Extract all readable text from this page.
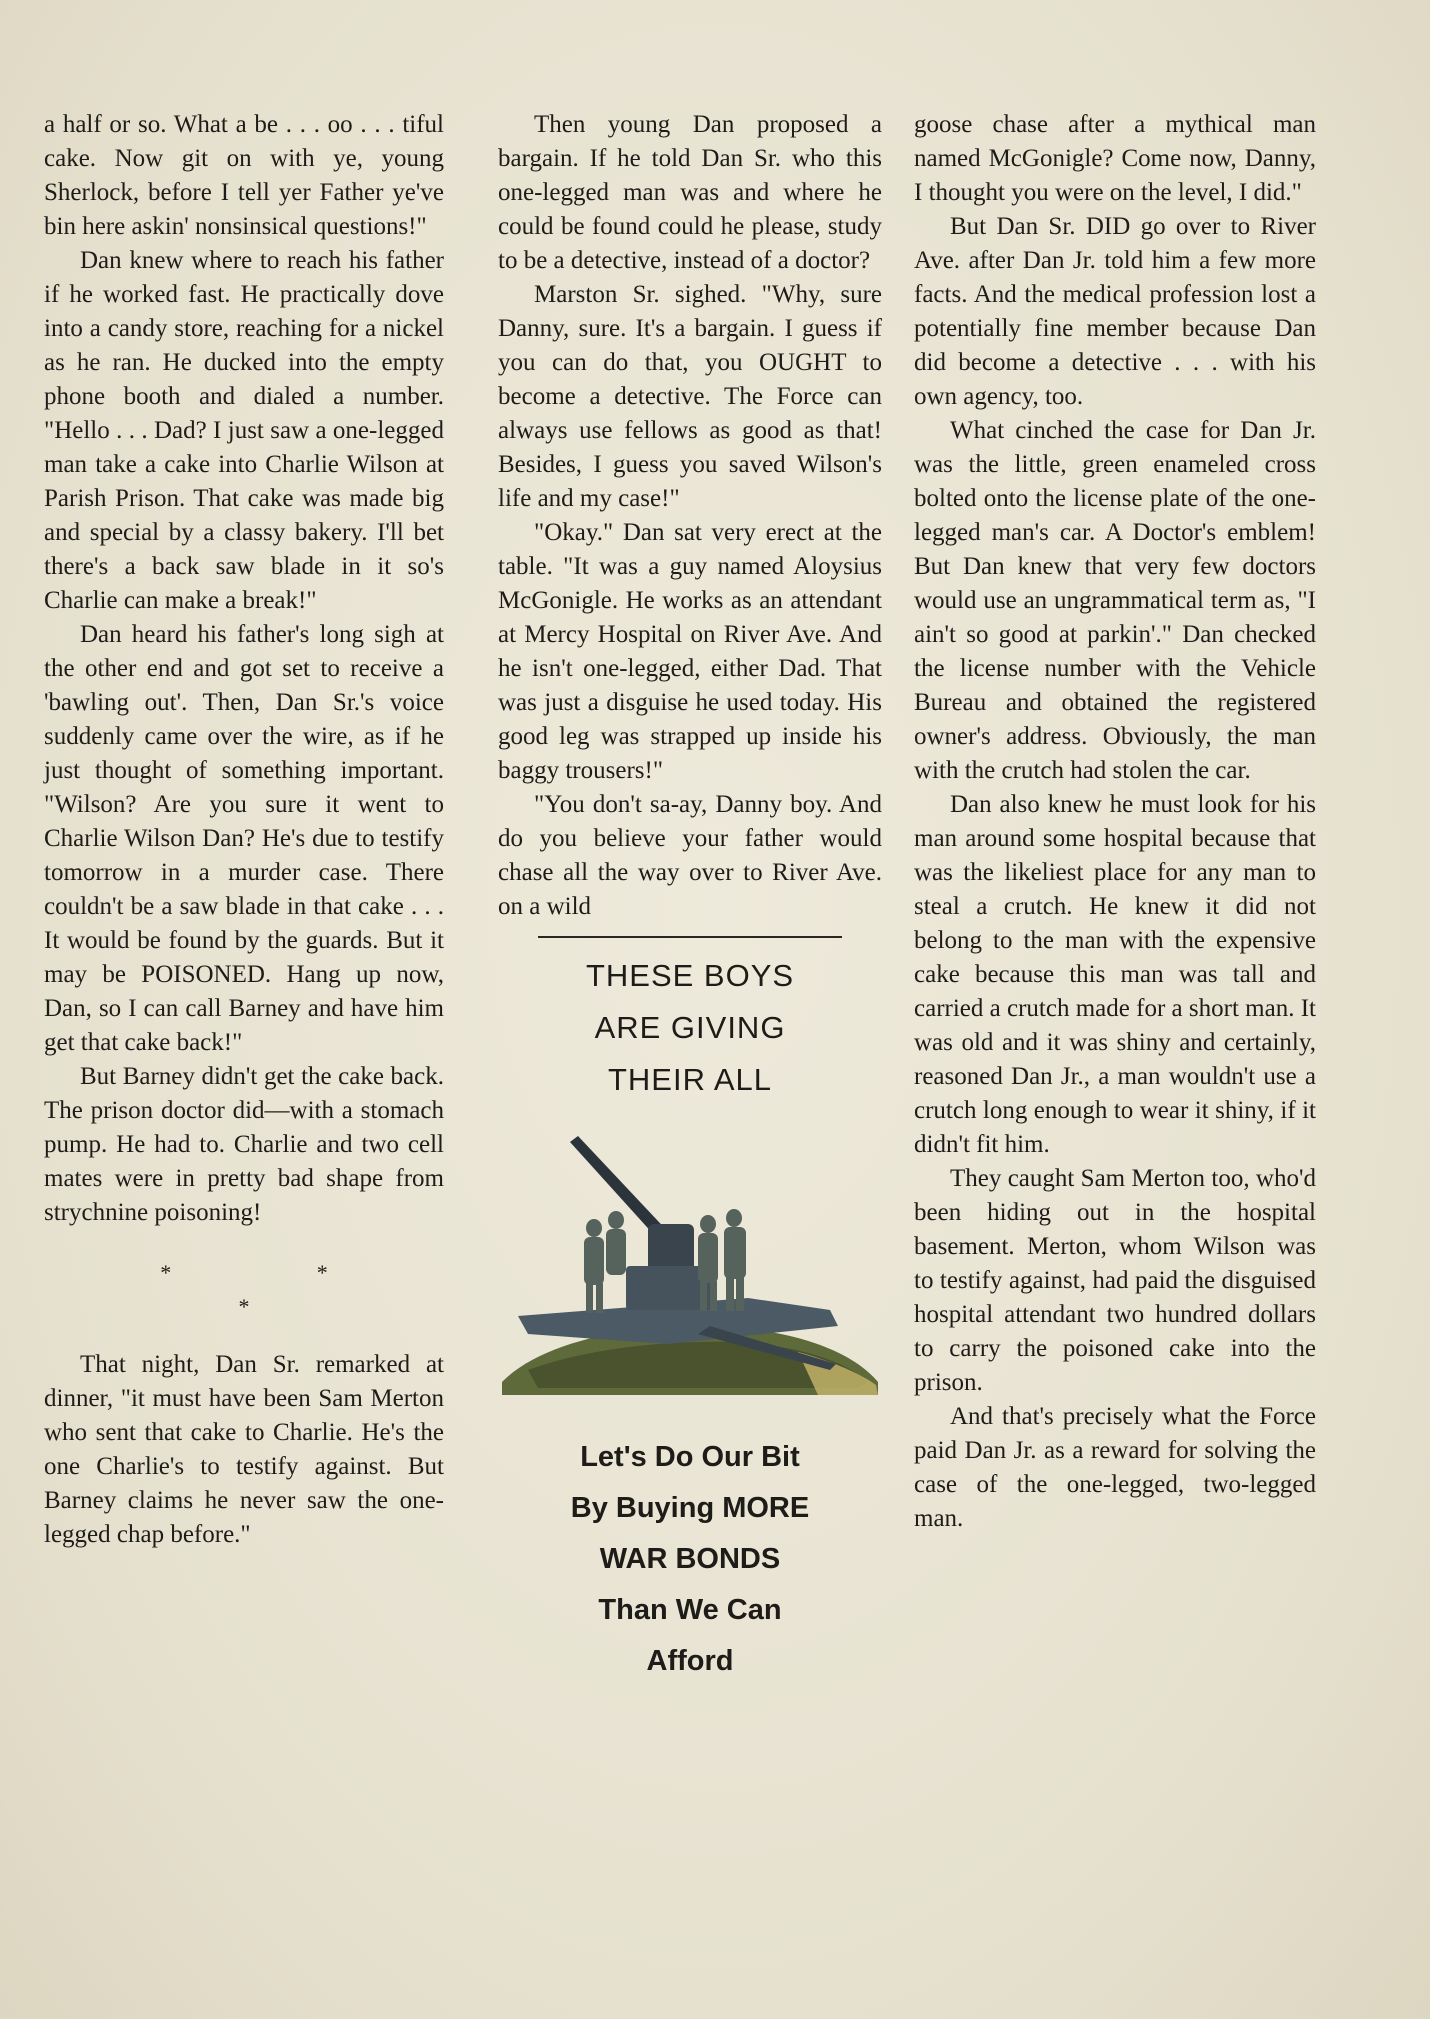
a half or so. What a be . . . oo . . . tiful cake. Now git on with ye, young Sherlock, before I tell yer Father ye've bin here askin' nonsinsical questions!"

Dan knew where to reach his father if he worked fast. He practically dove into a candy store, reaching for a nickel as he ran. He ducked into the empty phone booth and dialed a number. "Hello . . . Dad? I just saw a one-legged man take a cake into Charlie Wilson at Parish Prison. That cake was made big and special by a classy bakery. I'll bet there's a back saw blade in it so's Charlie can make a break!"

Dan heard his father's long sigh at the other end and got set to receive a 'bawling out'. Then, Dan Sr.'s voice suddenly came over the wire, as if he just thought of something important. "Wilson? Are you sure it went to Charlie Wilson Dan? He's due to testify tomorrow in a murder case. There couldn't be a saw blade in that cake . . . It would be found by the guards. But it may be POISONED. Hang up now, Dan, so I can call Barney and have him get that cake back!"

But Barney didn't get the cake back. The prison doctor did—with a stomach pump. He had to. Charlie and two cell mates were in pretty bad shape from strychnine poisoning!

* * *

That night, Dan Sr. remarked at dinner, "it must have been Sam Merton who sent that cake to Charlie. He's the one Charlie's to testify against. But Barney claims he never saw the one-legged chap before."

Then young Dan proposed a bargain. If he told Dan Sr. who this one-legged man was and where he could be found could he please, study to be a detective, instead of a doctor?

Marston Sr. sighed. "Why, sure Danny, sure. It's a bargain. I guess if you can do that, you OUGHT to become a detective. The Force can always use fellows as good as that! Besides, I guess you saved Wilson's life and my case!"

"Okay." Dan sat very erect at the table. "It was a guy named Aloysius McGonigle. He works as an attendant at Mercy Hospital on River Ave. And he isn't one-legged, either Dad. That was just a disguise he used today. His good leg was strapped up inside his baggy trousers!"

"You don't sa-ay, Danny boy. And do you believe your father would chase all the way over to River Ave. on a wild

THESE BOYS
ARE GIVING
THEIR ALL
Let's Do Our Bit
By Buying MORE
WAR BONDS
Than We Can
Afford

goose chase after a mythical man named McGonigle? Come now, Danny, I thought you were on the level, I did."

But Dan Sr. DID go over to River Ave. after Dan Jr. told him a few more facts. And the medical profession lost a potentially fine member because Dan did become a detective . . . with his own agency, too.

What cinched the case for Dan Jr. was the little, green enameled cross bolted onto the license plate of the one-legged man's car. A Doctor's emblem! But Dan knew that very few doctors would use an ungrammatical term as, "I ain't so good at parkin'." Dan checked the license number with the Vehicle Bureau and obtained the registered owner's address. Obviously, the man with the crutch had stolen the car.

Dan also knew he must look for his man around some hospital because that was the likeliest place for any man to steal a crutch. He knew it did not belong to the man with the expensive cake because this man was tall and carried a crutch made for a short man. It was old and it was shiny and certainly, reasoned Dan Jr., a man wouldn't use a crutch long enough to wear it shiny, if it didn't fit him.

They caught Sam Merton too, who'd been hiding out in the hospital basement. Merton, whom Wilson was to testify against, had paid the disguised hospital attendant two hundred dollars to carry the poisoned cake into the prison.

And that's precisely what the Force paid Dan Jr. as a reward for solving the case of the one-legged, two-legged man.
